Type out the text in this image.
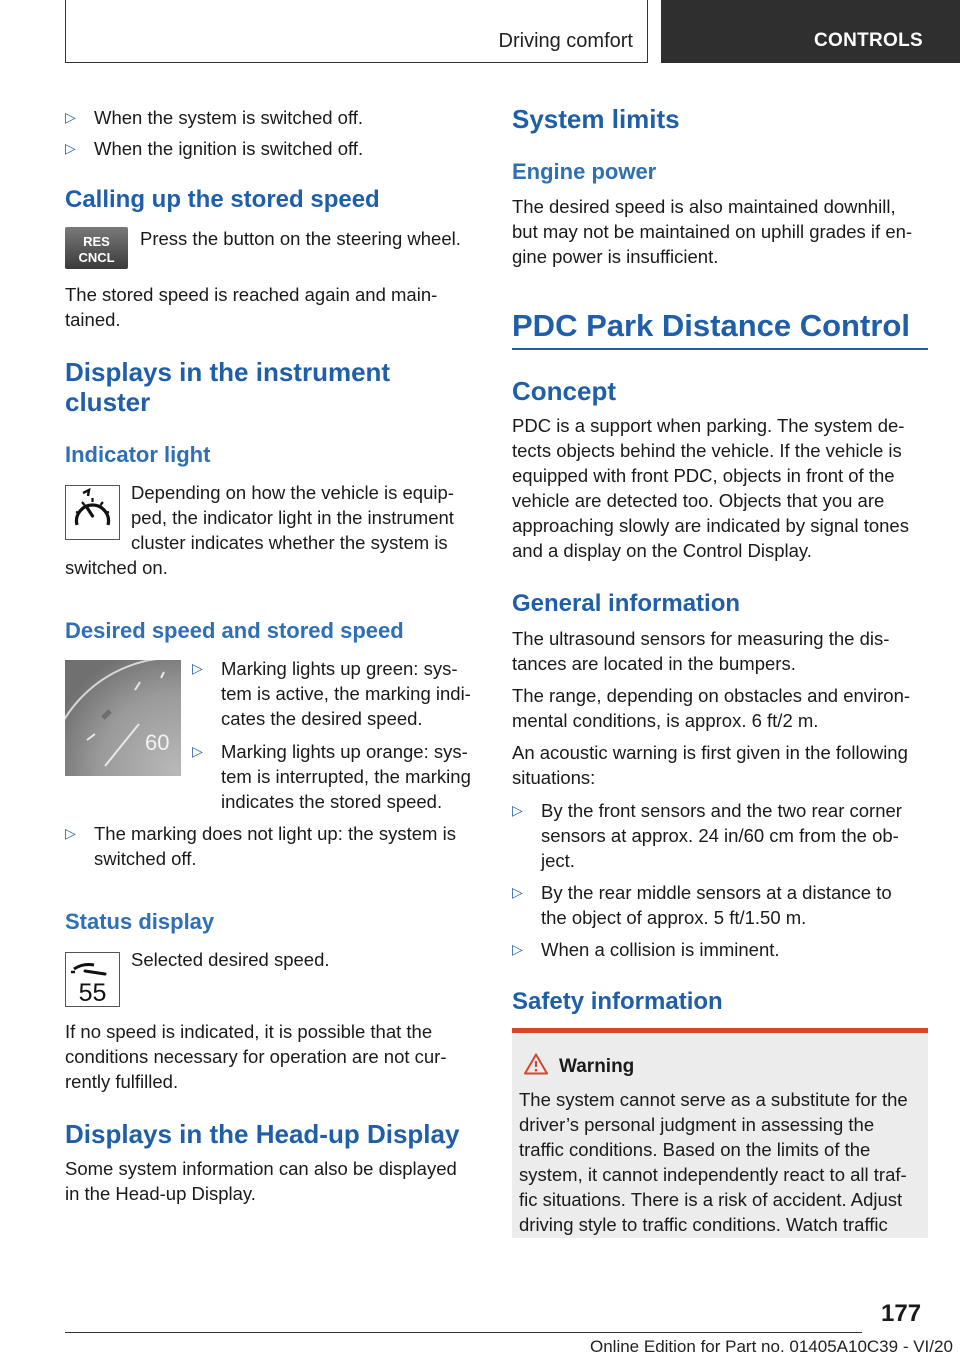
Driving comfort	CONTROLS
▷ When the system is switched off.
▷ When the ignition is switched off.
Calling up the stored speed
RES
CNCL
Press the button on the steering wheel.
The stored speed is reached again and main‐
tained.
Displays in the instrument
cluster
Indicator light
Depending on how the vehicle is equip‐
ped, the indicator light in the instrument
cluster indicates whether the system is
switched on.
Desired speed and stored speed
60
▷ Marking lights up green: sys‐
tem is active, the marking indi‐
cates the desired speed.
▷ Marking lights up orange: sys‐
tem is interrupted, the marking
indicates the stored speed.
▷ The marking does not light up: the system is
switched off.
Status display
55
Selected desired speed.
If no speed is indicated, it is possible that the
conditions necessary for operation are not cur‐
rently fulfilled.
Displays in the Head-up Display
Some system information can also be displayed
in the Head-up Display.
System limits
Engine power
The desired speed is also maintained downhill,
but may not be maintained on uphill grades if en‐
gine power is insufficient.
PDC Park Distance Control
Concept
PDC is a support when parking. The system de‐
tects objects behind the vehicle. If the vehicle is
equipped with front PDC, objects in front of the
vehicle are detected too. Objects that you are
approaching slowly are indicated by signal tones
and a display on the Control Display.
General information
The ultrasound sensors for measuring the dis‐
tances are located in the bumpers.
The range, depending on obstacles and environ‐
mental conditions, is approx. 6 ft/2 m.
An acoustic warning is first given in the following
situations:
▷ By the front sensors and the two rear corner
sensors at approx. 24 in/60 cm from the ob‐
ject.
▷ By the rear middle sensors at a distance to
the object of approx. 5 ft/1.50 m.
▷ When a collision is imminent.
Safety information
Warning
The system cannot serve as a substitute for the
driver’s personal judgment in assessing the
traffic conditions. Based on the limits of the
system, it cannot independently react to all traf‐
fic situations. There is a risk of accident. Adjust
driving style to traffic conditions. Watch traffic
177
Online Edition for Part no. 01405A10C39 - VI/20
